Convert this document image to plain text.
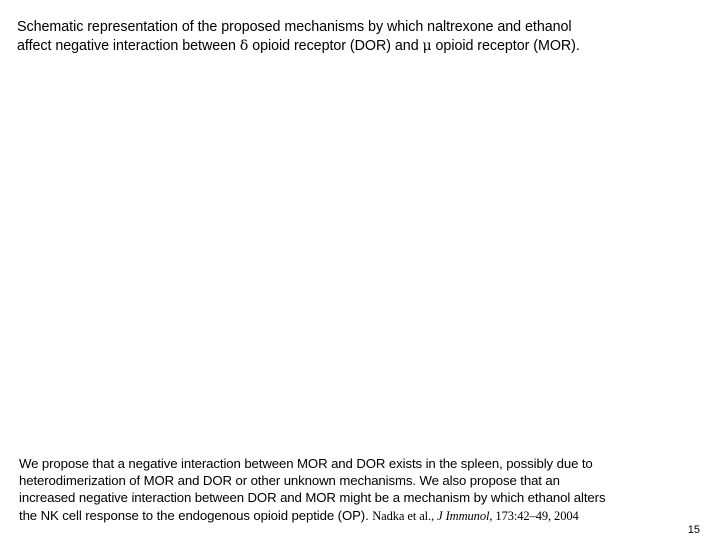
Schematic representation of the proposed mechanisms by which naltrexone and ethanol
affect negative interaction between δ opioid receptor (DOR) and μ opioid receptor (MOR).
We propose that a negative interaction between MOR and DOR exists in the spleen, possibly due to
heterodimerization of MOR and DOR or other unknown mechanisms. We also propose that an
increased negative interaction between DOR and MOR might be a mechanism by which ethanol alters
the NK cell response to the endogenous opioid peptide (OP). Nadka et al., J Immunol, 173:42–49, 2004
15
